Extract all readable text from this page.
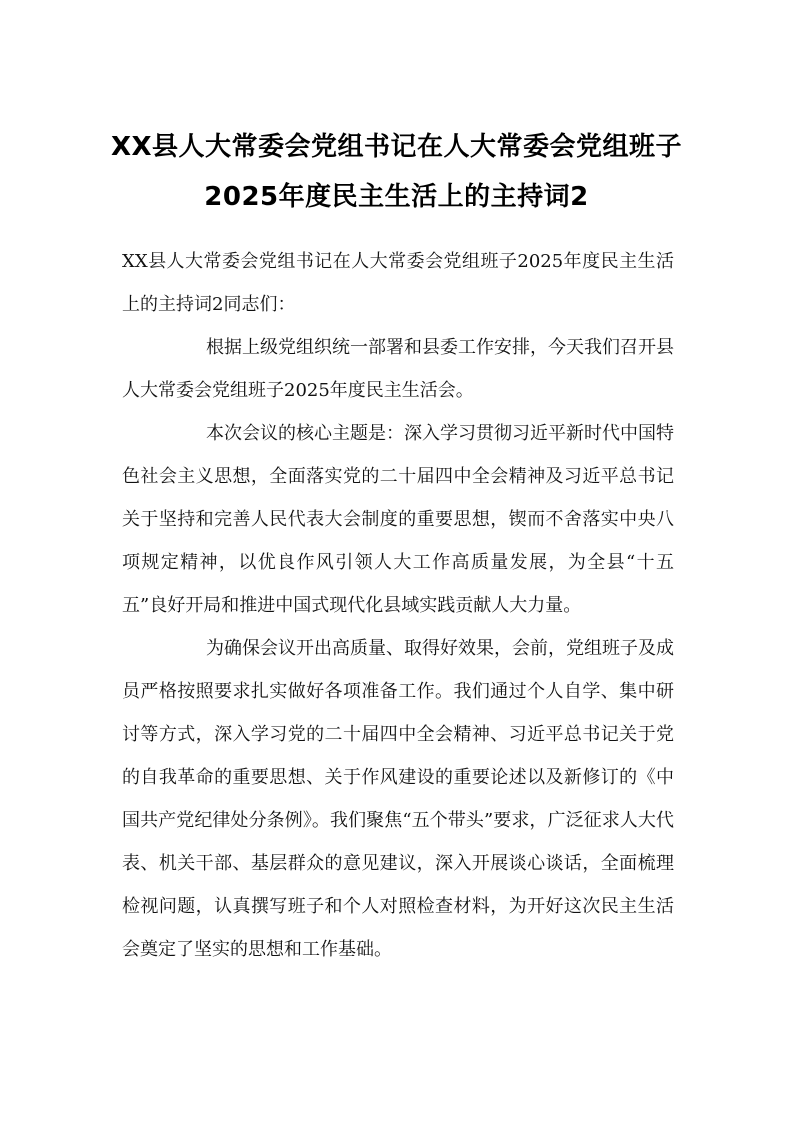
XX县人大常委会党组书记在人大常委会党组班子2025年度民主生活上的主持词2

XX县人大常委会党组书记在人大常委会党组班子2025年度民主生活上的主持词2同志们：

根据上级党组织统一部署和县委工作安排，今天我们召开县人大常委会党组班子2025年度民主生活会。

本次会议的核心主题是：深入学习贯彻习近平新时代中国特色社会主义思想，全面落实党的二十届四中全会精神及习近平总书记关于坚持和完善人民代表大会制度的重要思想，锲而不舍落实中央八项规定精神，以优良作风引领人大工作高质量发展，为全县“十五五”良好开局和推进中国式现代化县域实践贡献人大力量。

为确保会议开出高质量、取得好效果，会前，党组班子及成员严格按照要求扎实做好各项准备工作。我们通过个人自学、集中研讨等方式，深入学习党的二十届四中全会精神、习近平总书记关于党的自我革命的重要思想、关于作风建设的重要论述以及新修订的《中国共产党纪律处分条例》。我们聚焦“五个带头”要求，广泛征求人大代表、机关干部、基层群众的意见建议，深入开展谈心谈话，全面梳理检视问题，认真撰写班子和个人对照检查材料，为开好这次民主生活会奠定了坚实的思想和工作基础。
